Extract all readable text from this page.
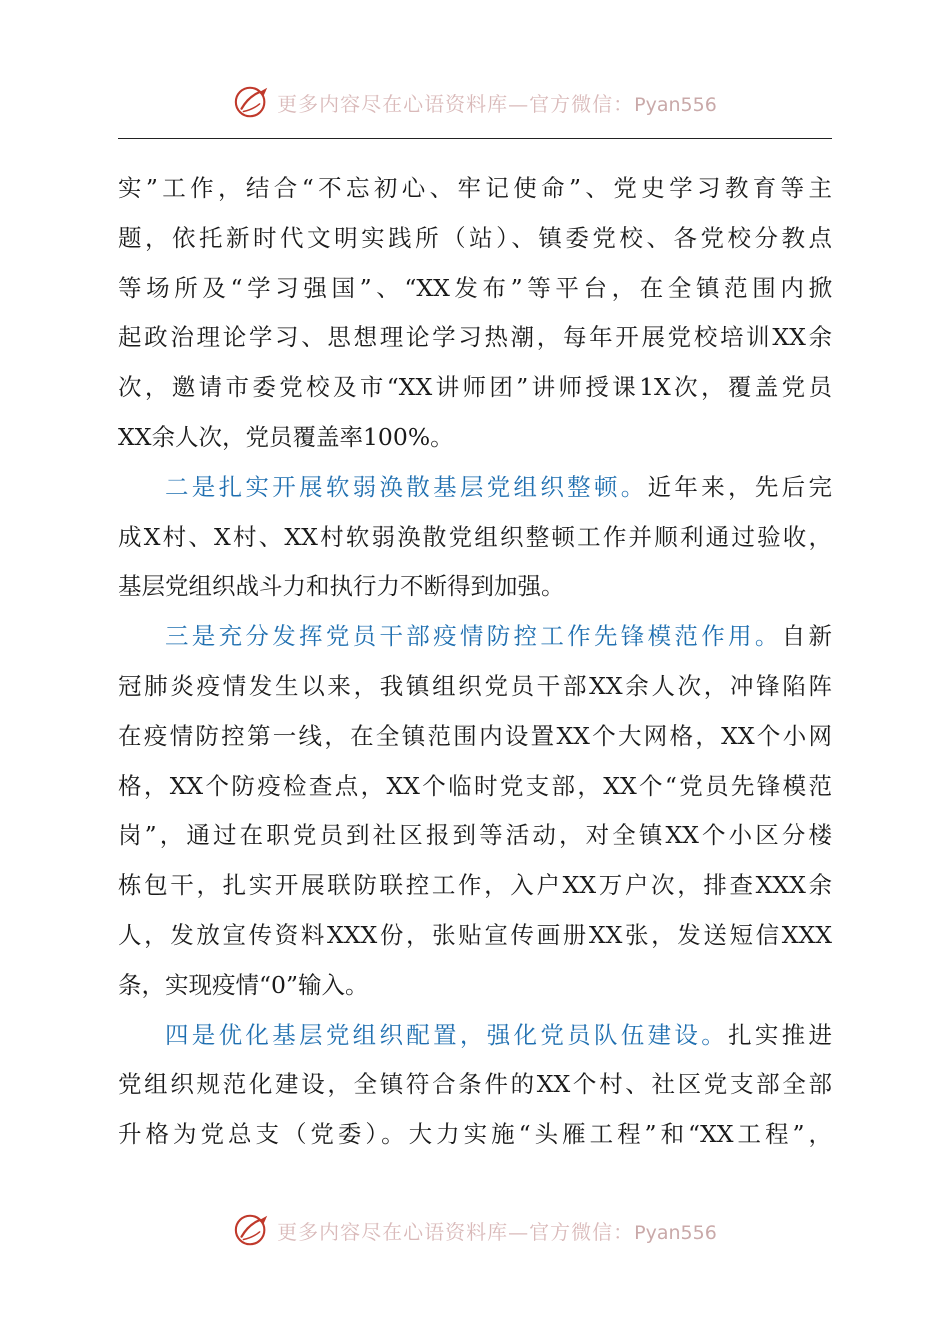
更多内容尽在心语资料库—官方微信：Pyan556
实”工作，结合“不忘初心、牢记使命”、党史学习教育等主
题，依托新时代文明实践所（站）、镇委党校、各党校分教点
等场所及“学习强国”、“XX发布”等平台，在全镇范围内掀
起政治理论学习、思想理论学习热潮，每年开展党校培训XX余
次，邀请市委党校及市“XX讲师团”讲师授课1X次，覆盖党员
XX余人次，党员覆盖率100%。
二是扎实开展软弱涣散基层党组织整顿。近年来，先后完
成X村、X村、XX村软弱涣散党组织整顿工作并顺利通过验收，
基层党组织战斗力和执行力不断得到加强。
三是充分发挥党员干部疫情防控工作先锋模范作用。自新
冠肺炎疫情发生以来，我镇组织党员干部XX余人次，冲锋陷阵
在疫情防控第一线，在全镇范围内设置XX个大网格，XX个小网
格，XX个防疫检查点，XX个临时党支部，XX个“党员先锋模范
岗”，通过在职党员到社区报到等活动，对全镇XX个小区分楼
栋包干，扎实开展联防联控工作，入户XX万户次，排查XXX余
人，发放宣传资料XXX份，张贴宣传画册XX张，发送短信XXX
条，实现疫情“0”输入。
四是优化基层党组织配置，强化党员队伍建设。扎实推进
党组织规范化建设，全镇符合条件的XX个村、社区党支部全部
升格为党总支（党委）。大力实施“头雁工程”和“XX工程”，
更多内容尽在心语资料库—官方微信：Pyan556
